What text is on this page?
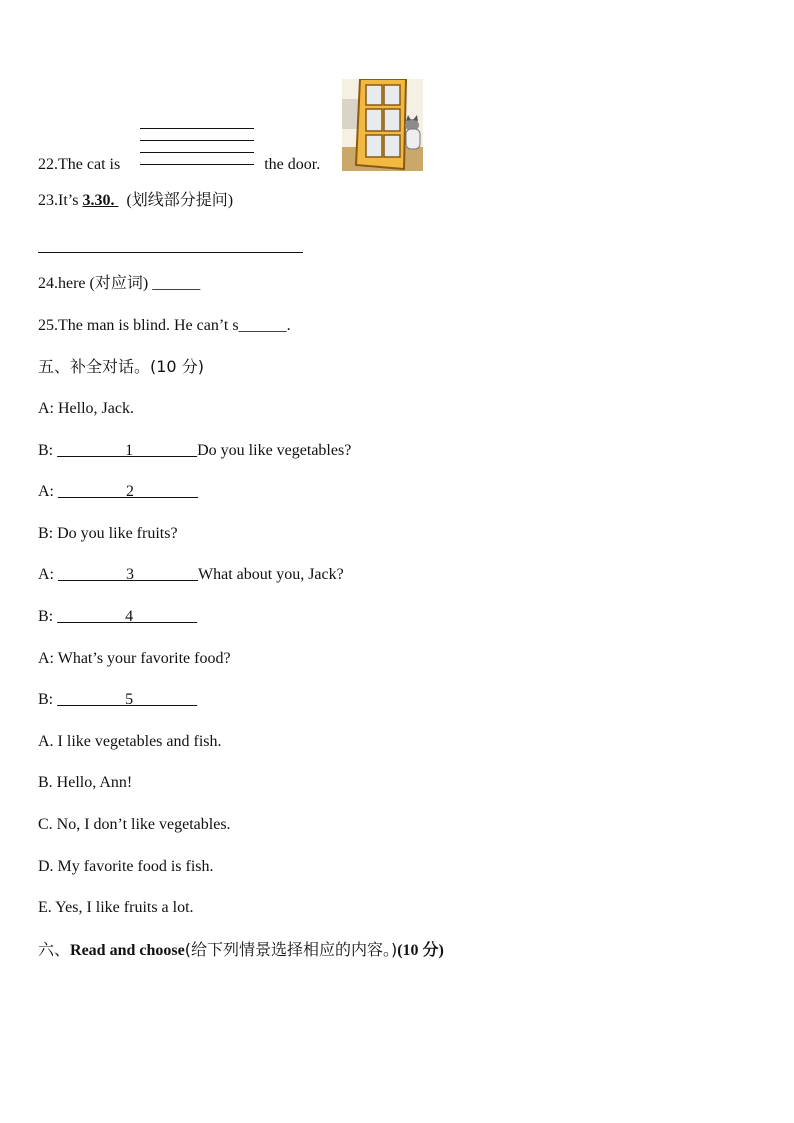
22.The cat is	the door.
23.It’s 3.30. (划线部分提问)
24.here (对应词) ______
25.The man is blind. He can’t s______.
五、补全对话。(10 分)
A: Hello, Jack.
B:	1	Do you like vegetables?
A:	2
B: Do you like fruits?
A:	3	What about you, Jack?
B:	4
A: What’s your favorite food?
B:	5
A. I like vegetables and fish.
B. Hello, Ann!
C. No, I don’t like vegetables.
D. My favorite food is fish.
E. Yes, I like fruits a lot.
六、Read and choose(给下列情景选择相应的内容。)(10 分)
